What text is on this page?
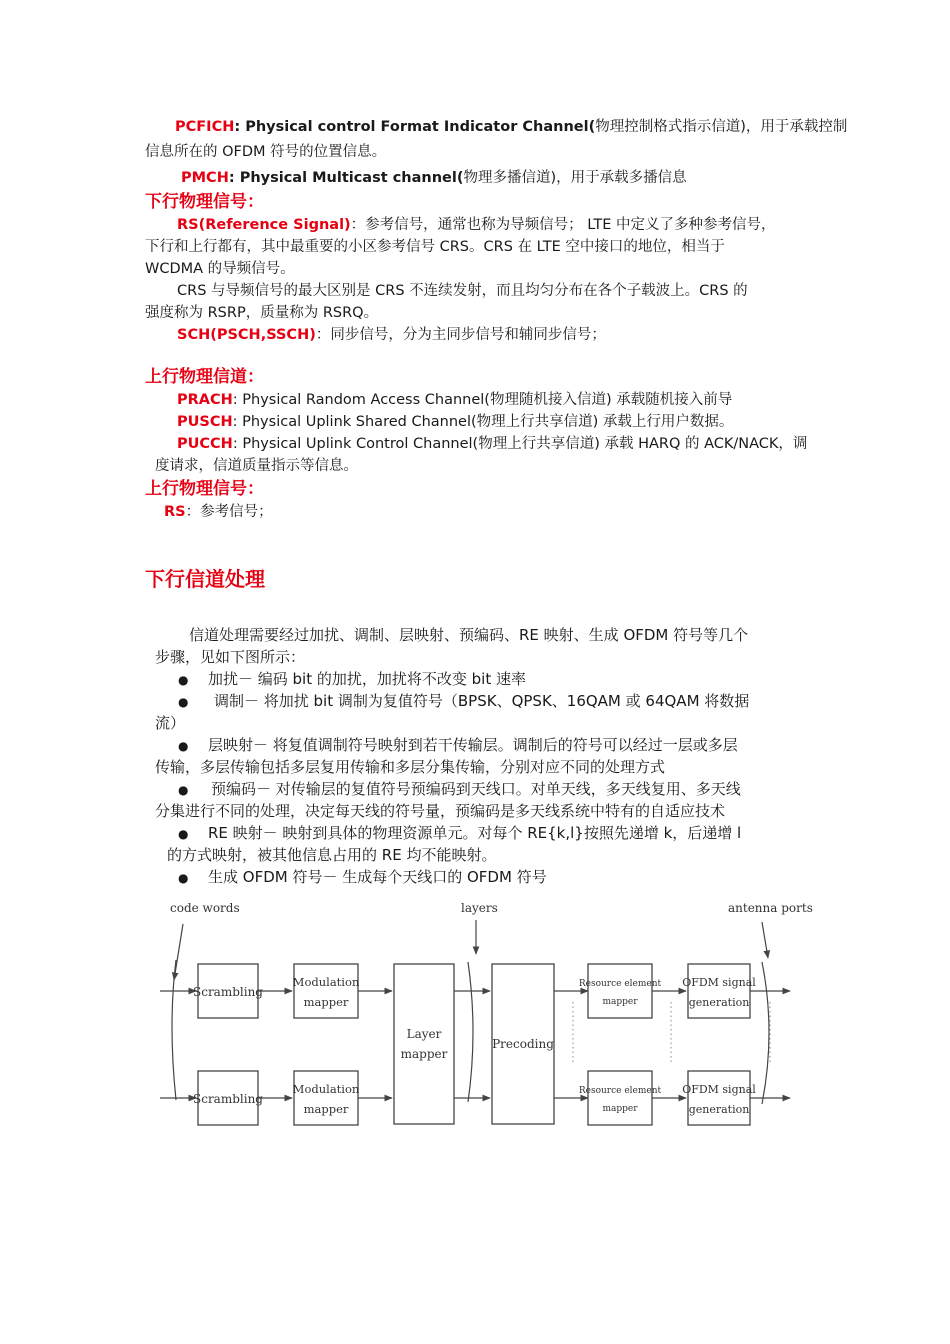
PCFICH: Physical control Format Indicator Channel(物理控制格式指示信道)，用于承载控制
信息所在的 OFDM 符号的位置信息。
PMCH: Physical Multicast channel(物理多播信道)，用于承载多播信息
下行物理信号：
RS(Reference Signal)：参考信号，通常也称为导频信号； LTE 中定义了多种参考信号，
下行和上行都有，其中最重要的小区参考信号 CRS。CRS 在 LTE 空中接口的地位，相当于
WCDMA 的导频信号。
CRS 与导频信号的最大区别是 CRS 不连续发射，而且均匀分布在各个子载波上。CRS 的
强度称为 RSRP，质量称为 RSRQ。
SCH(PSCH,SSCH)：同步信号，分为主同步信号和辅同步信号；
上行物理信道：
PRACH: Physical Random Access Channel(物理随机接入信道) 承载随机接入前导
PUSCH: Physical Uplink Shared Channel(物理上行共享信道) 承载上行用户数据。
PUCCH: Physical Uplink Control Channel(物理上行共享信道) 承载 HARQ 的 ACK/NACK，调
度请求，信道质量指示等信息。
上行物理信号：
RS：参考信号；
下行信道处理
信道处理需要经过加扰、调制、层映射、预编码、RE 映射、生成 OFDM 符号等几个
步骤，见如下图所示：
● 加扰－ 编码 bit 的加扰，加扰将不改变 bit 速率
● 调制－ 将加扰 bit 调制为复值符号（BPSK、QPSK、16QAM 或 64QAM 将数据
流）
● 层映射－ 将复值调制符号映射到若干传输层。调制后的符号可以经过一层或多层
传输，多层传输包括多层复用传输和多层分集传输，分别对应不同的处理方式
● 预编码－ 对传输层的复值符号预编码到天线口。对单天线，多天线复用、多天线
分集进行不同的处理，决定每天线的符号量，预编码是多天线系统中特有的自适应技术
● RE 映射－ 映射到具体的物理资源单元。对每个 RE{k,l}按照先递增 k，后递增 l
的方式映射，被其他信息占用的 RE 均不能映射。
● 生成 OFDM 符号－ 生成每个天线口的 OFDM 符号
code words	layers	antenna ports
Scrambling
Modulation
mapper
Resource element
mapper
OFDM signal
generation
Layer
mapper
Precoding
Scrambling
Modulation
mapper
Resource element
mapper
OFDM signal
generation
